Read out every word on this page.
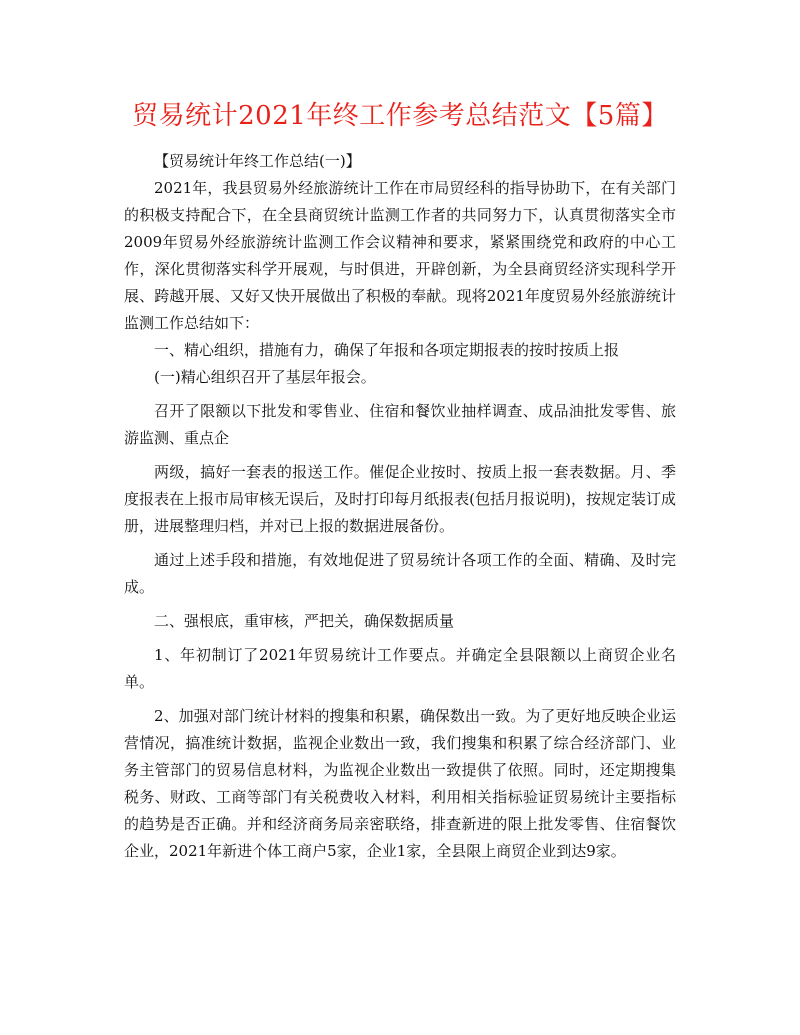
贸易统计2021年终工作参考总结范文【5篇】

【贸易统计年终工作总结(一)】

2021年，我县贸易外经旅游统计工作在市局贸经科的指导协助下，在有关部门的积极支持配合下，在全县商贸统计监测工作者的共同努力下，认真贯彻落实全市2009年贸易外经旅游统计监测工作会议精神和要求，紧紧围绕党和政府的中心工作，深化贯彻落实科学开展观，与时俱进，开辟创新，为全县商贸经济实现科学开展、跨越开展、又好又快开展做出了积极的奉献。现将2021年度贸易外经旅游统计监测工作总结如下：

一、精心组织，措施有力，确保了年报和各项定期报表的按时按质上报

(一)精心组织召开了基层年报会。

召开了限额以下批发和零售业、住宿和餐饮业抽样调查、成品油批发零售、旅游监测、重点企

两级，搞好一套表的报送工作。催促企业按时、按质上报一套表数据。月、季度报表在上报市局审核无误后，及时打印每月纸报表(包括月报说明)，按规定装订成册，进展整理归档，并对已上报的数据进展备份。

通过上述手段和措施，有效地促进了贸易统计各项工作的全面、精确、及时完成。

二、强根底，重审核，严把关，确保数据质量

1、年初制订了2021年贸易统计工作要点。并确定全县限额以上商贸企业名单。

2、加强对部门统计材料的搜集和积累，确保数出一致。为了更好地反映企业运营情况，搞准统计数据，监视企业数出一致，我们搜集和积累了综合经济部门、业务主管部门的贸易信息材料，为监视企业数出一致提供了依照。同时，还定期搜集税务、财政、工商等部门有关税费收入材料，利用相关指标验证贸易统计主要指标的趋势是否正确。并和经济商务局亲密联络，排查新进的限上批发零售、住宿餐饮企业，2021年新进个体工商户5家，企业1家，全县限上商贸企业到达9家。
